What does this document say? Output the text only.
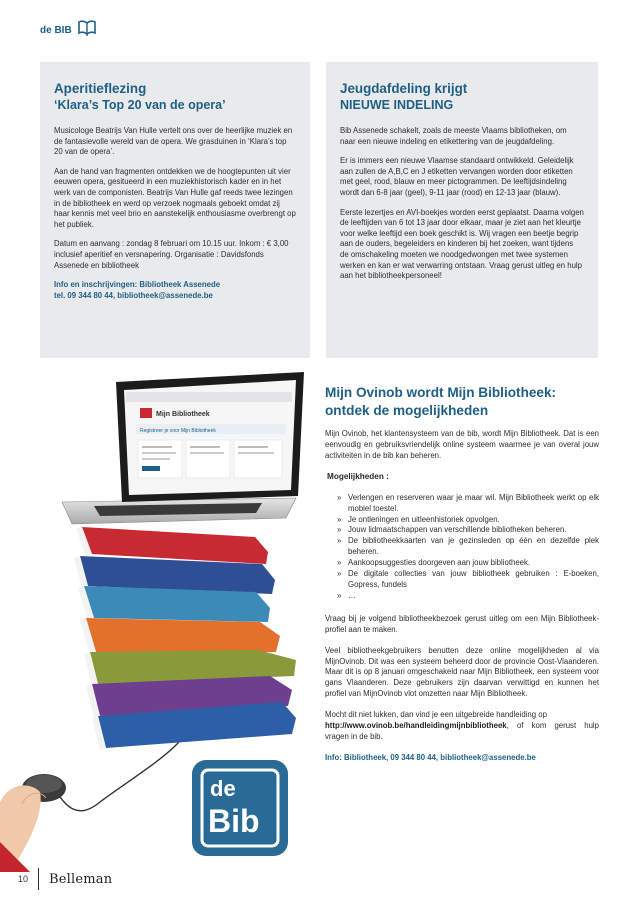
de BIB
Aperitieflezing
‘Klara’s Top 20 van de opera’

Musicologe Beatrijs Van Hulle vertelt ons over de heerlijke muziek en de fantasievolle wereld van de opera. We grasduinen in ‘Klara’s top 20 van de opera’.

Aan de hand van fragmenten ontdekken we de hoogtepunten uit vier eeuwen opera, gesitueerd in een muziekhistorisch kader en in het werk van de componisten. Beatrijs Van Hulle gaf reeds twee lezingen in de bibliotheek en werd op verzoek nogmaals geboekt omdat zij haar kennis met veel brio en aanstekelijk enthousiasme overbrengt op het publiek.

Datum en aanvang : zondag 8 februari om 10.15 uur. Inkom : € 3,00 inclusief aperitief en versnapering. Organisatie : Davidsfonds Assenede en bibliotheek

Info en inschrijvingen: Bibliotheek Assenede
tel. 09 344 80 44, bibliotheek@assenede.be

Jeugdafdeling krijgt
NIEUWE INDELING

Bib Assenede schakelt, zoals de meeste Vlaams bibliotheken, om naar een nieuwe indeling en etikettering van de jeugdafdeling.

Er is immers een nieuwe Vlaamse standaard ontwikkeld. Geleidelijk aan zullen de A,B,C en J etiketten vervangen worden door etiketten met geel, rood, blauw en meer pictogrammen. De leeftijdsindeling wordt dan 6-8 jaar (geel), 9-11 jaar (rood) en 12-13 jaar (blauw).

Eerste lezertjes en AVI-boekjes worden eerst geplaatst. Daarna volgen de leeftijden van 6 tot 13 jaar door elkaar, maar je ziet aan het kleurtje voor welke leeftijd een boek geschikt is. Wij vragen een beetje begrip aan de ouders, begeleiders en kinderen bij het zoeken, want tijdens de omschakeling moeten we noodgedwongen met twee systemen werken en kan er wat verwarring ontstaan. Vraag gerust uitleg en hulp aan het bibliotheekpersoneel!

Mijn Bibliotheek
Registreer je voor Mijn Bibliotheek
de
Bib
Mijn Ovinob wordt Mijn Bibliotheek:
ontdek de mogelijkheden

Mijn Ovinob, het klantensysteem van de bib, wordt Mijn Bibliotheek. Dat is een eenvoudig en gebruiksvriendelijk online systeem waarmee je van overal jouw activiteiten in de bib kan beheren.

Mogelijkheden :
» Verlengen en reserveren waar je maar wil. Mijn Bibliotheek werkt op elk mobiel toestel.
» Je ontleningen en uitleenhistoriek opvolgen.
» Jouw lidmaatschappen van verschillende bibliotheken beheren.
» De bibliotheekkaarten van je gezinsleden op één en dezelfde plek beheren.
» Aankoopsuggesties doorgeven aan jouw bibliotheek.
» De digitale collecties van jouw bibliotheek gebruiken : E-boeken, Gopress, fundels
» …

Vraag bij je volgend bibliotheekbezoek gerust uitleg om een Mijn Bibliotheek-profiel aan te maken.

Veel bibliotheekgebruikers benutten deze online mogelijkheden al via MijnOvinob. Dit was een systeem beheerd door de provincie Oost-Vlaanderen. Maar dit is op 8 januari omgeschakeld naar Mijn Bibliotheek, een systeem voor gans Vlaanderen. Deze gebruikers zijn daarvan verwittigd en kunnen het profiel van MijnOvinob vlot omzetten naar Mijn Bibliotheek.

Mocht dit niet lukken, dan vind je een uitgebreide handleiding op
http://www.ovinob.be/handleidingmijnbibliotheek, of kom gerust hulp vragen in de bib.

Info: Bibliotheek, 09 344 80 44, bibliotheek@assenede.be

10 Belleman
